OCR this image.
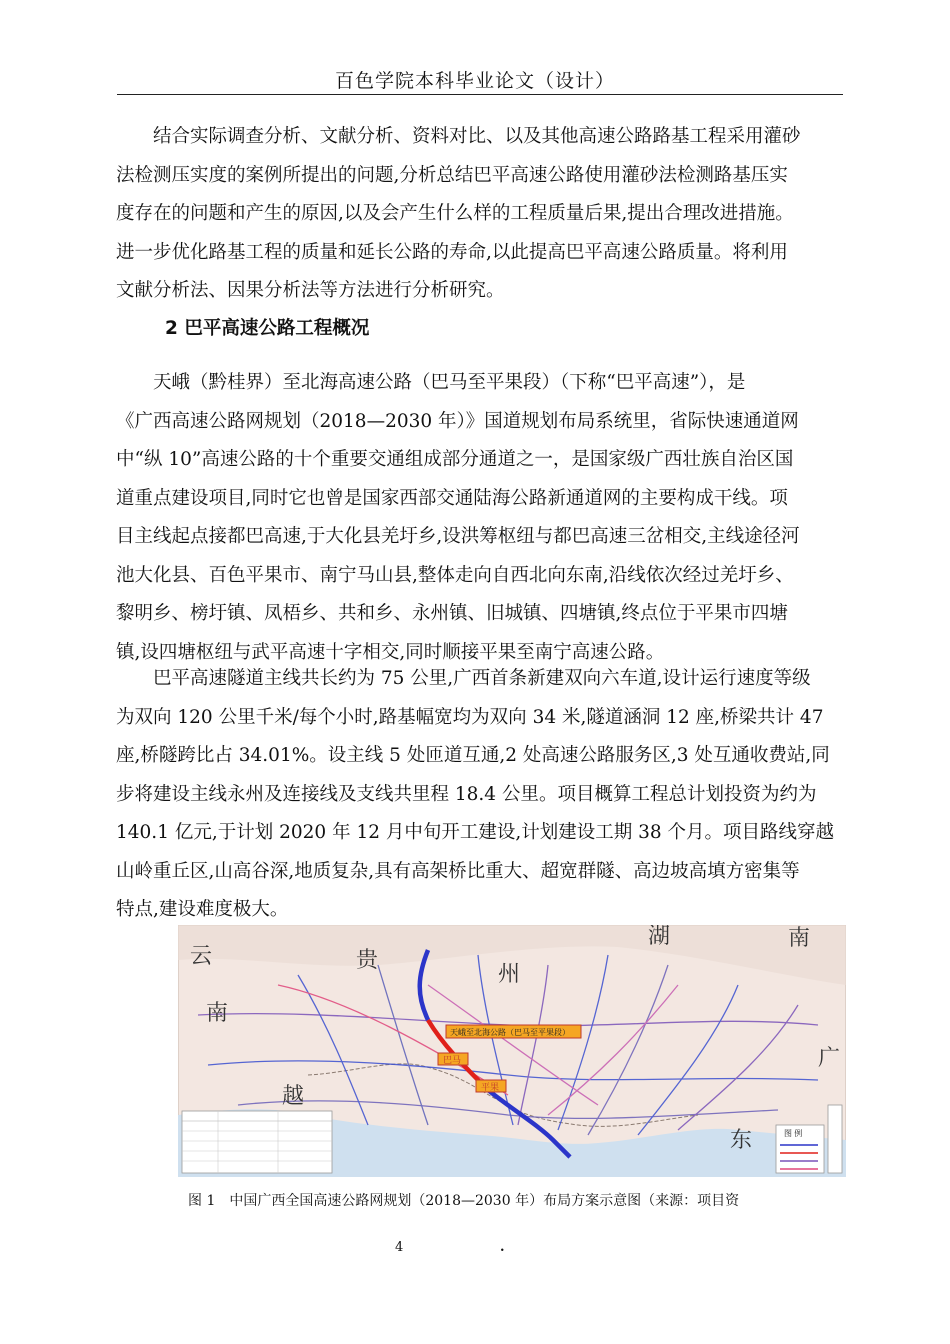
百色学院本科毕业论文（设计）
　　结合实际调查分析、文献分析、资料对比、以及其他高速公路路基工程采用灌砂
法检测压实度的案例所提出的问题,分析总结巴平高速公路使用灌砂法检测路基压实
度存在的问题和产生的原因,以及会产生什么样的工程质量后果,提出合理改进措施。
进一步优化路基工程的质量和延长公路的寿命,以此提高巴平高速公路质量。将利用
文献分析法、因果分析法等方法进行分析研究。
2 巴平高速公路工程概况
　　天峨（黔桂界）至北海高速公路（巴马至平果段）（下称“巴平高速”），是
《广西高速公路网规划（2018—2030 年）》国道规划布局系统里，省际快速通道网
中“纵 10”高速公路的十个重要交通组成部分通道之一，是国家级广西壮族自治区国
道重点建设项目,同时它也曾是国家西部交通陆海公路新通道网的主要构成干线。项
目主线起点接都巴高速,于大化县羌圩乡,设洪筹枢纽与都巴高速三岔相交,主线途径河
池大化县、百色平果市、南宁马山县,整体走向自西北向东南,沿线依次经过羌圩乡、
黎明乡、榜圩镇、凤梧乡、共和乡、永州镇、旧城镇、四塘镇,终点位于平果市四塘
镇,设四塘枢纽与武平高速十字相交,同时顺接平果至南宁高速公路。
　　巴平高速隧道主线共长约为 75 公里,广西首条新建双向六车道,设计运行速度等级
为双向 120 公里千米/每个小时,路基幅宽均为双向 34 米,隧道涵洞 12 座,桥梁共计 47
座,桥隧跨比占 34.01%。设主线 5 处匝道互通,2 处高速公路服务区,3 处互通收费站,同
步将建设主线永州及连接线及支线共里程 18.4 公里。项目概算工程总计划投资为约为
140.1 亿元,于计划 2020 年 12 月中旬开工建设,计划建设工期 38 个月。项目路线穿越
山岭重丘区,山高谷深,地质复杂,具有高架桥比重大、超宽群隧、高边坡高填方密集等
特点,建设难度极大。
云	贵
州
湖	南
南
广
东
越
天峨至北海公路（巴马至平果段）
巴马
平果
图 例
图 1　中国广西全国高速公路网规划（2018—2030 年）布局方案示意图（来源：项目资
4	.
